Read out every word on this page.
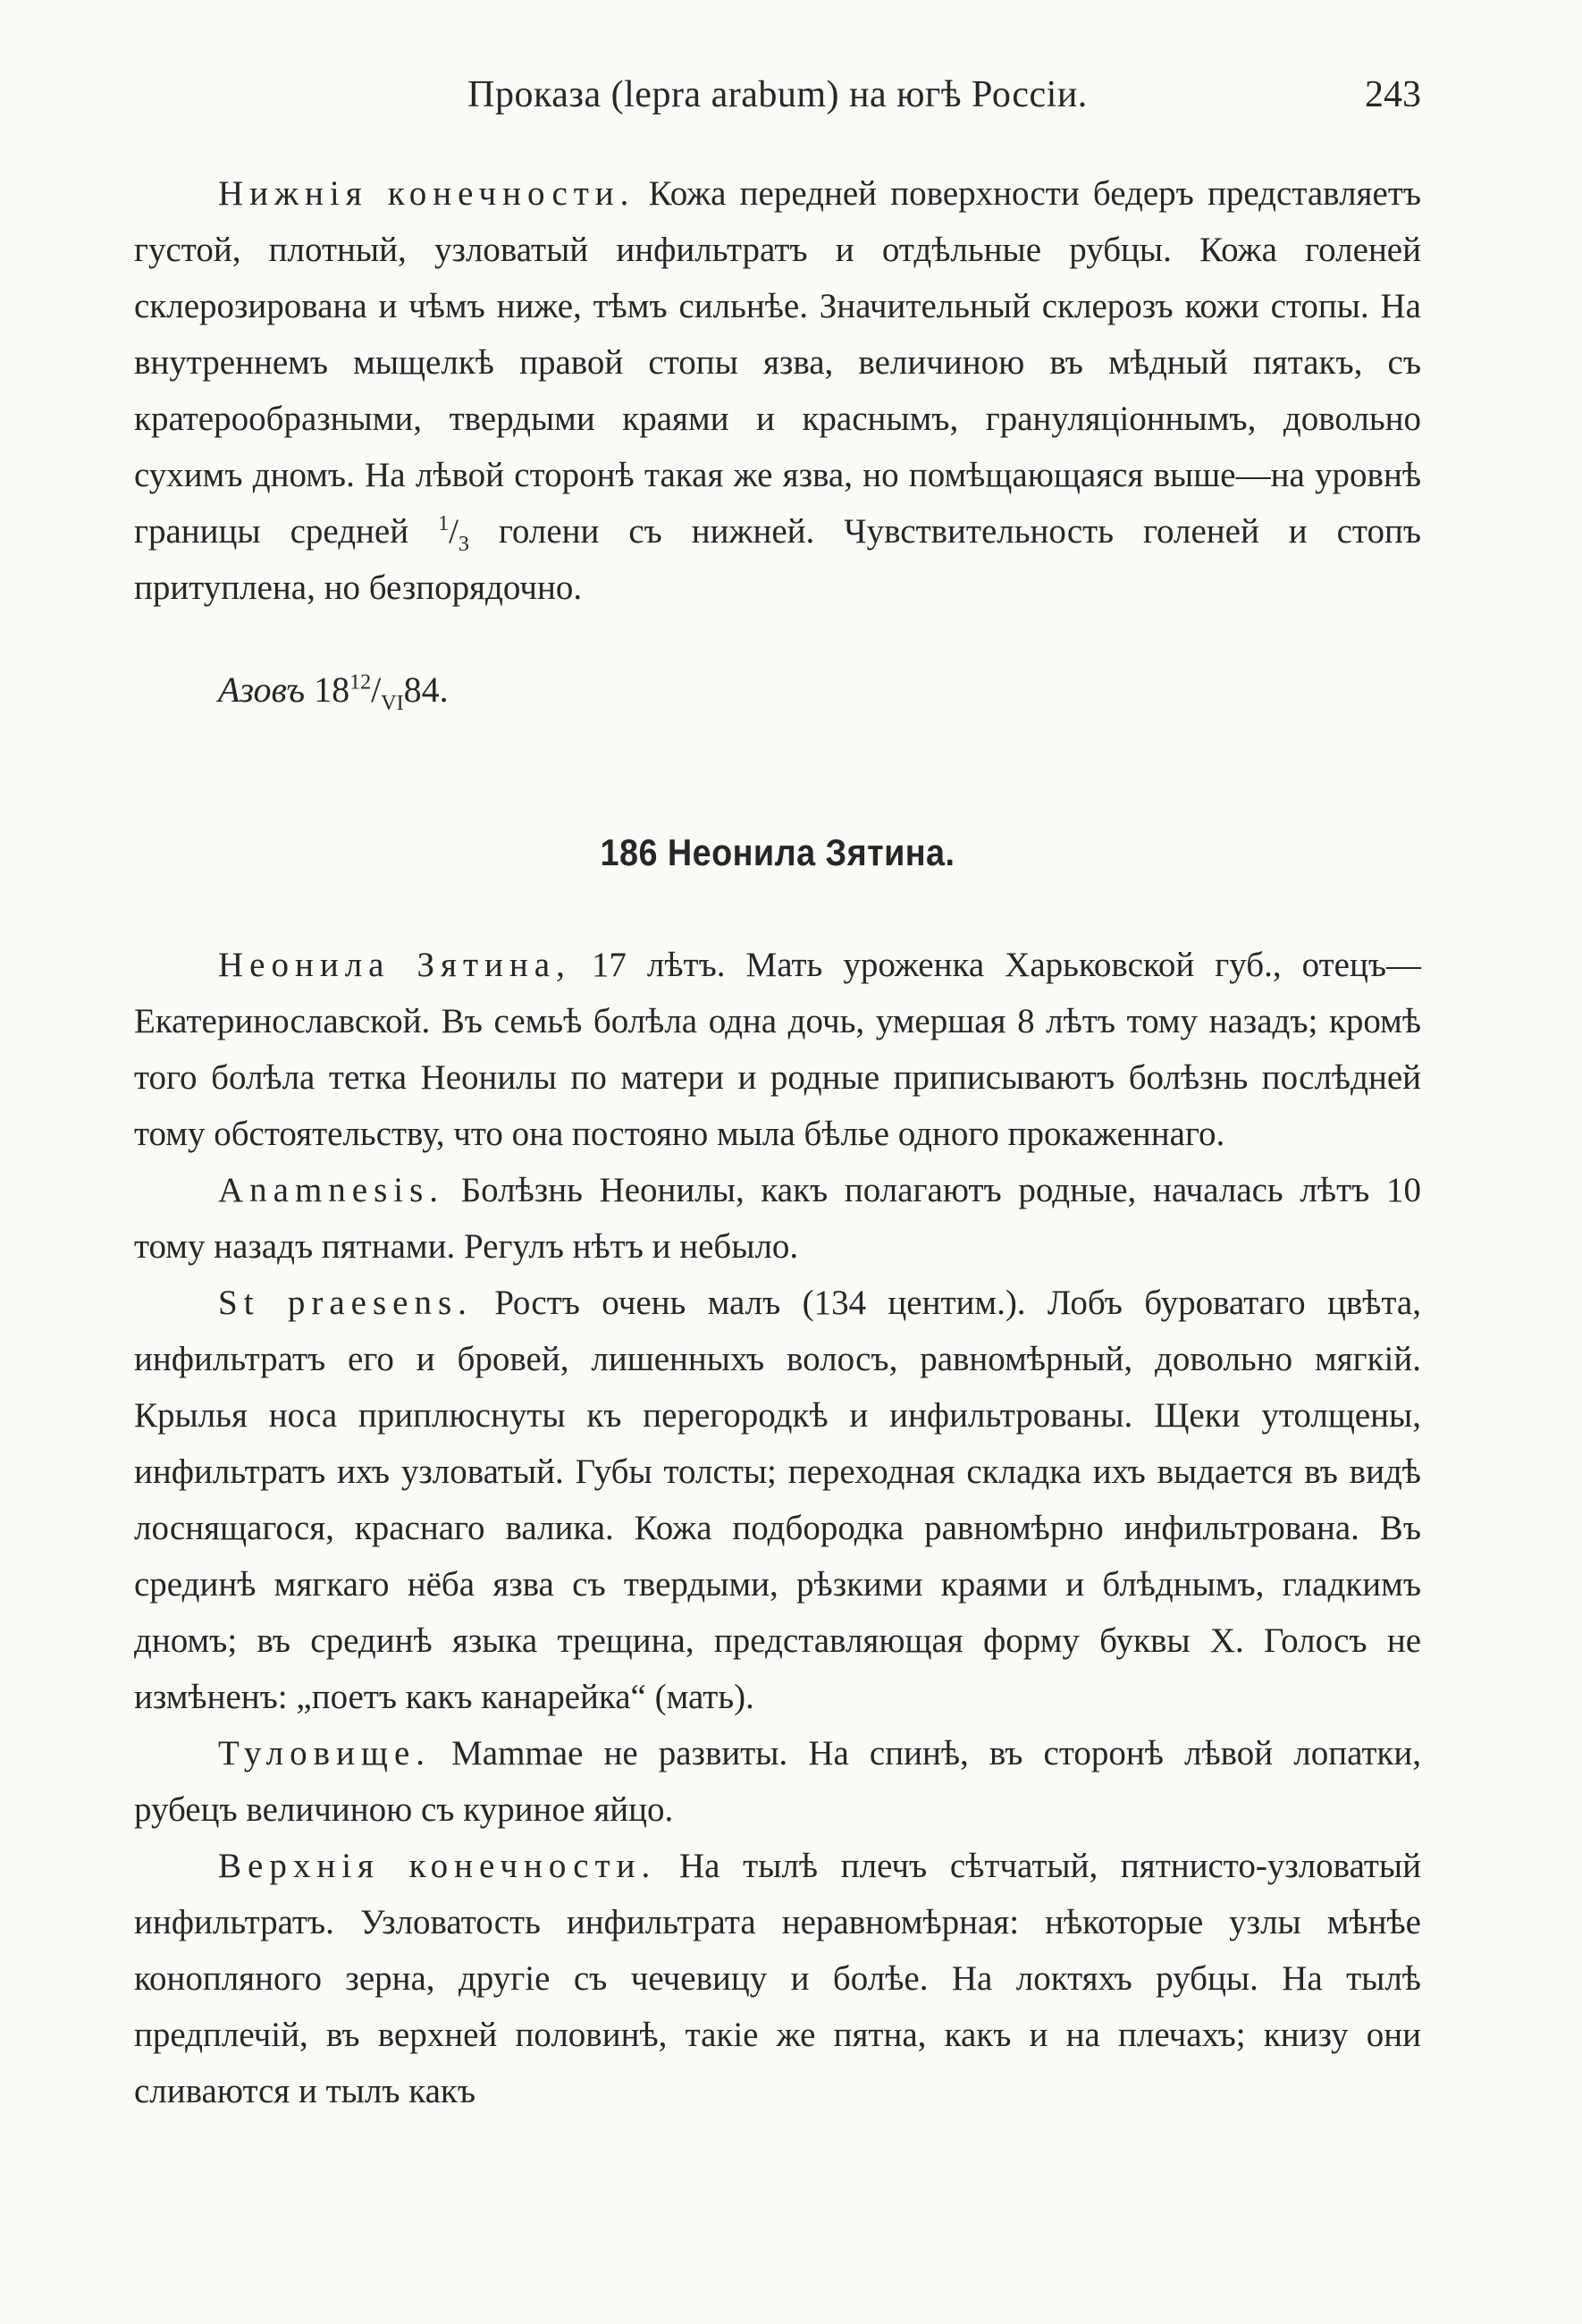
Проказа (lepra arabum) на югѣ Россіи.	243

Нижнія конечности. Кожа передней поверхности бедеръ представляетъ густой, плотный, узловатый инфильтратъ и отдѣльные рубцы. Кожа голеней склерозирована и чѣмъ ниже, тѣмъ сильнѣе. Значительный склерозъ кожи стопы. На внутреннемъ мыщелкѣ правой стопы язва, величиною въ мѣдный пятакъ, съ кратерообразными, твердыми краями и краснымъ, грануляціоннымъ, довольно сухимъ дномъ. На лѣвой сторонѣ такая же язва, но помѣщающаяся выше—на уровнѣ границы средней $^1/_3$ голени съ нижней. Чувствительность голеней и стопъ притуплена, но безпорядочно.

Азовъ $18^{12}/_{VI}84$.
186 Неонила Зятина.

Неонила Зятина, 17 лѣтъ. Мать уроженка Харьковской губ., отецъ—Екатеринославской. Въ семьѣ болѣла одна дочь, умершая 8 лѣтъ тому назадъ; кромѣ того болѣла тетка Неонилы по матери и родные приписываютъ болѣзнь послѣдней тому обстоятельству, что она постояно мыла бѣлье одного прокаженнаго.

Anamnesis. Болѣзнь Неонилы, какъ полагаютъ родные, началась лѣтъ 10 тому назадъ пятнами. Регулъ нѣтъ и небыло.

St praesens. Ростъ очень малъ (134 центим.). Лобъ буроватаго цвѣта, инфильтратъ его и бровей, лишенныхъ волосъ, равномѣрный, довольно мягкій. Крылья носа приплюснуты къ перегородкѣ и инфильтрованы. Щеки утолщены, инфильтратъ ихъ узловатый. Губы толсты; переходная складка ихъ выдается въ видѣ лоснящагося, краснаго валика. Кожа подбородка равномѣрно инфильтрована. Въ срединѣ мягкаго нёба язва съ твердыми, рѣзкими краями и блѣднымъ, гладкимъ дномъ; въ срединѣ языка трещина, представляющая форму буквы Х. Голосъ не измѣненъ: „поетъ какъ канарейка“ (мать).

Туловище. Mammae не развиты. На спинѣ, въ сторонѣ лѣвой лопатки, рубецъ величиною съ куриное яйцо.

Верхнія конечности. На тылѣ плечъ сѣтчатый, пятнисто-узловатый инфильтратъ. Узловатость инфильтрата неравномѣрная: нѣкоторые узлы мѣнѣе конопляного зерна, другіе съ чечевицу и болѣе. На локтяхъ рубцы. На тылѣ предплечій, въ верхней половинѣ, такіе же пятна, какъ и на плечахъ; книзу они сливаются и тылъ какъ
